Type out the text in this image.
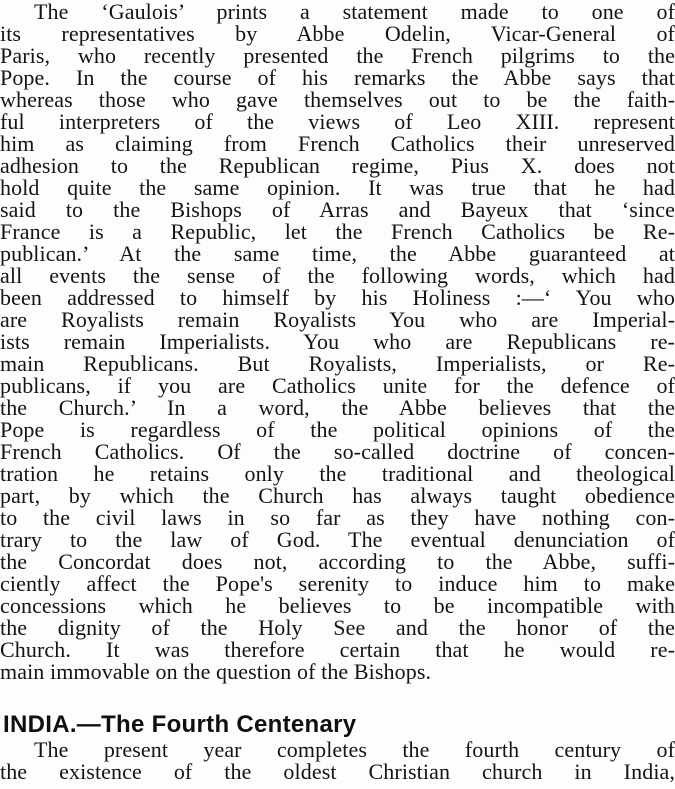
The ‘Gaulois’ prints a statement made to one of
its representatives by Abbe Odelin, Vicar-General of
Paris, who recently presented the French pilgrims to the
Pope. In the course of his remarks the Abbe says that
whereas those who gave themselves out to be the faith-
ful interpreters of the views of Leo XIII. represent
him as claiming from French Catholics their unreserved
adhesion to the Republican regime, Pius X. does not
hold quite the same opinion. It was true that he had
said to the Bishops of Arras and Bayeux that ‘since
France is a Republic, let the French Catholics be Re-
publican.’ At the same time, the Abbe guaranteed at
all events the sense of the following words, which had
been addressed to himself by his Holiness :—‘ You who
are Royalists remain Royalists You who are Imperial-
ists remain Imperialists. You who are Republicans re-
main Republicans. But Royalists, Imperialists, or Re-
publicans, if you are Catholics unite for the defence of
the Church.’ In a word, the Abbe believes that the
Pope is regardless of the political opinions of the
French Catholics. Of the so-called doctrine of concen-
tration he retains only the traditional and theological
part, by which the Church has always taught obedience
to the civil laws in so far as they have nothing con-
trary to the law of God. The eventual denunciation of
the Concordat does not, according to the Abbe, suffi-
ciently affect the Pope's serenity to induce him to make
concessions which he believes to be incompatible with
the dignity of the Holy See and the honor of the
Church. It was therefore certain that he would re-
main immovable on the question of the Bishops.
INDIA.—The Fourth Centenary
The present year completes the fourth century of
the existence of the oldest Christian church in India,
